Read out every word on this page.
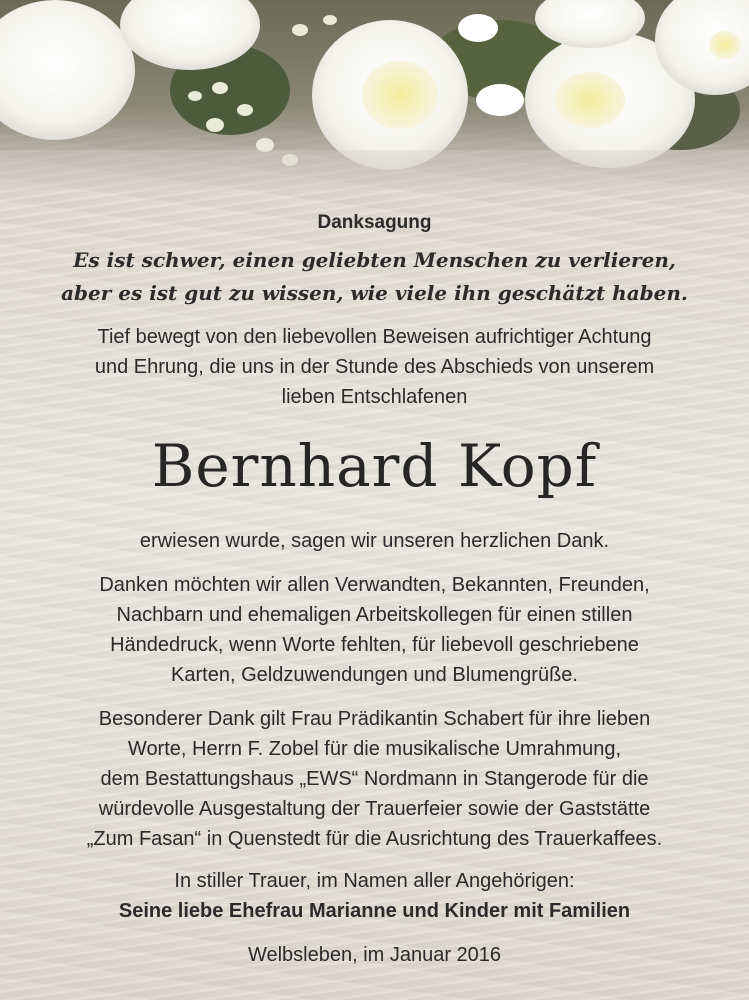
Danksagung
Es ist schwer, einen geliebten Menschen zu verlieren,
aber es ist gut zu wissen, wie viele ihn geschätzt haben.
Tief bewegt von den liebevollen Beweisen aufrichtiger Achtung
und Ehrung, die uns in der Stunde des Abschieds von unserem
lieben Entschlafenen
Bernhard Kopf
erwiesen wurde, sagen wir unseren herzlichen Dank.
Danken möchten wir allen Verwandten, Bekannten, Freunden,
Nachbarn und ehemaligen Arbeitskollegen für einen stillen
Händedruck, wenn Worte fehlten, für liebevoll geschriebene
Karten, Geldzuwendungen und Blumengrüße.
Besonderer Dank gilt Frau Prädikantin Schabert für ihre lieben
Worte, Herrn F. Zobel für die musikalische Umrahmung,
dem Bestattungshaus „EWS“ Nordmann in Stangerode für die
würdevolle Ausgestaltung der Trauerfeier sowie der Gaststätte
„Zum Fasan“ in Quenstedt für die Ausrichtung des Trauerkaffees.
In stiller Trauer, im Namen aller Angehörigen:
Seine liebe Ehefrau Marianne und Kinder mit Familien
Welbsleben, im Januar 2016
